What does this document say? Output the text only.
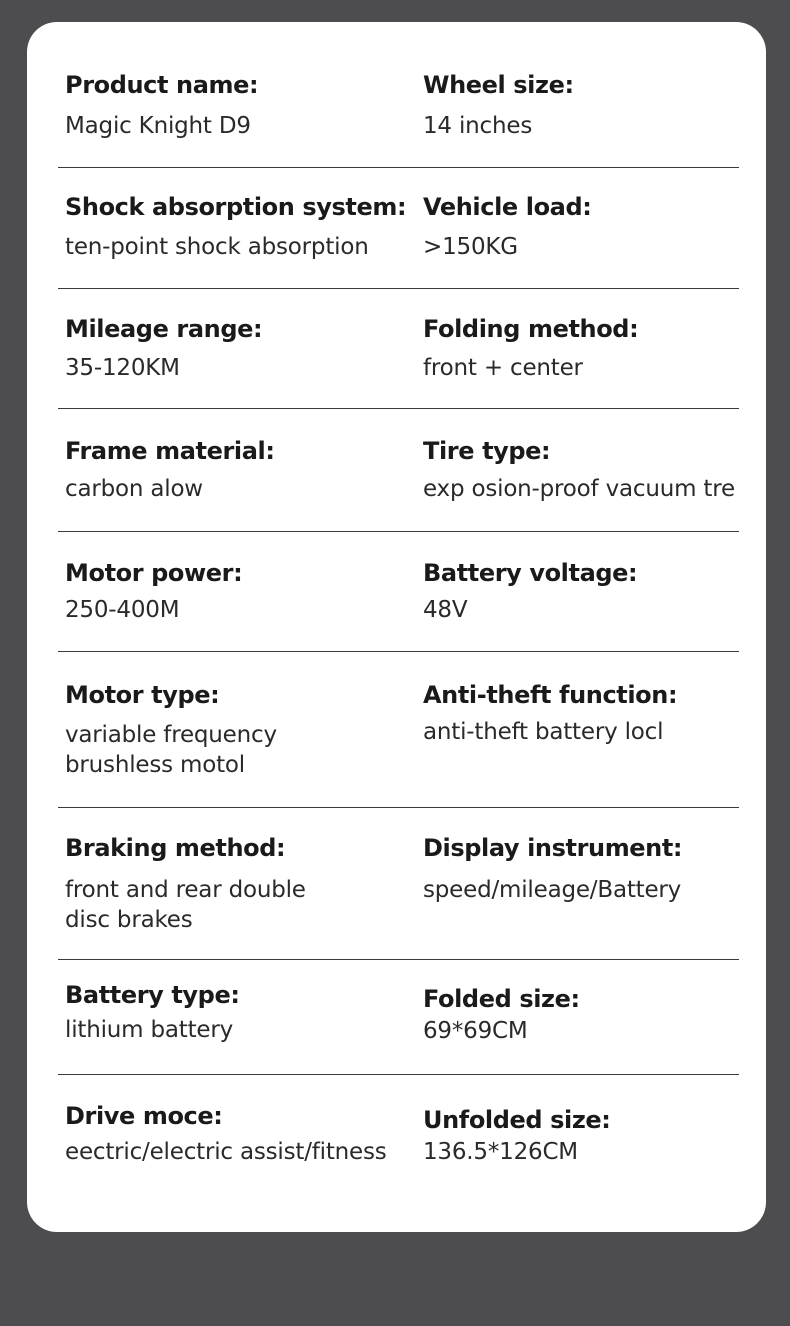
Product name:
Magic Knight D9
Wheel size:
14 inches
Shock absorption system:
ten-point shock absorption
Vehicle load:
>150KG
Mileage range:
35-120KM
Folding method:
front + center
Frame material:
carbon alow
Tire type:
exp osion-proof vacuum tre
Motor power:
250-400M
Battery voltage:
48V
Motor type:
variable frequency
brushless motol
Anti-theft function:
anti-theft battery locl
Braking method:
front and rear double
disc brakes
Display instrument:
speed/mileage/Battery
Battery type:
lithium battery
Folded size:
69*69CM
Drive moce:
eectric/electric assist/fitness
Unfolded size:
136.5*126CM
